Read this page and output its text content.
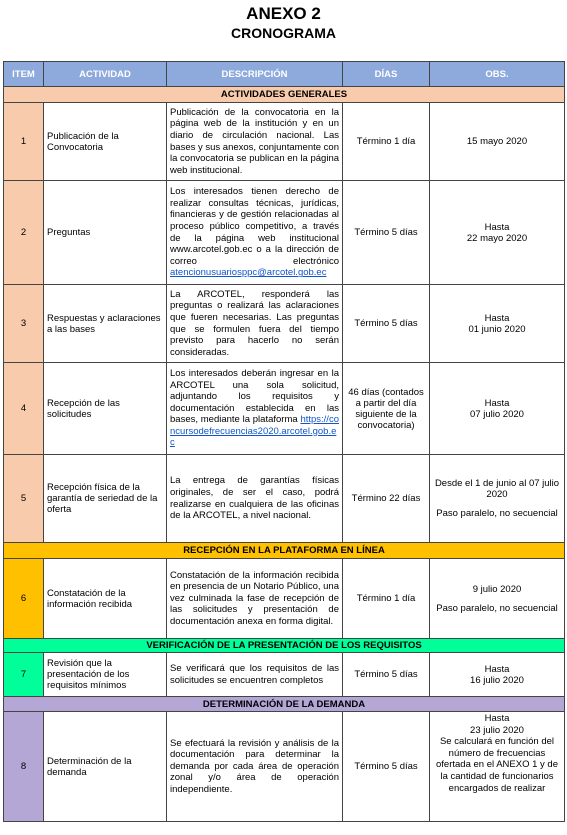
ANEXO 2
CRONOGRAMA
ITEM	ACTIVIDAD	DESCRIPCIÓN	DÍAS	OBS.
ACTIVIDADES GENERALES				
1	Publicación de la Convocatoria	Publicación de la convocatoria en la página web de la institución y en un diario de circulación nacional. Las bases y sus anexos, conjuntamente con la convocatoria se publican en la página web institucional.	Término 1 día	15 mayo 2020
2	Preguntas	Los interesados tienen derecho de realizar consultas técnicas, jurídicas, financieras y de gestión relacionadas al proceso público competitivo, a través de la página web institucional www.arcotel.gob.ec o a la dirección de correo electrónico atencionusuariosppc@arcotel.gob.ec	Término 5 días	Hasta
22 mayo 2020

3	Respuestas y aclaraciones a las bases	La ARCOTEL, responderá las preguntas o realizará las aclaraciones que fueren necesarias. Las preguntas que se formulen fuera del tiempo previsto para hacerlo no serán consideradas.	Término 5 días	Hasta
01 junio 2020

4	Recepción de las solicitudes	Los interesados deberán ingresar en la ARCOTEL una sola solicitud, adjuntando los requisitos y documentación establecida en las bases, mediante la plataforma https://concursodefrecuencias2020.arcotel.gob.ec	46 días (contados a partir del día siguiente de la convocatoria)	Hasta
07 julio 2020

5	Recepción física de la garantía de seriedad de la oferta	La entrega de garantías físicas originales, de ser el caso, podrá realizarse en cualquiera de las oficinas de la ARCOTEL, a nivel nacional.	Término 22 días	Desde el 1 de junio al 07 julio 2020
Paso paralelo, no secuencial

RECEPCIÓN EN LA PLATAFORMA EN LÍNEA				
6	Constatación de la información recibida	Constatación de la información recibida en presencia de un Notario Público, una vez culminada la fase de recepción de las solicitudes y presentación de documentación anexa en forma digital.	Término 1 día	9 julio 2020
Paso paralelo, no secuencial

VERIFICACIÓN DE LA PRESENTACIÓN DE LOS REQUISITOS				
7	Revisión que la presentación de los requisitos mínimos	Se verificará que los requisitos de las solicitudes se encuentren completos	Término 5 días	Hasta
16 julio 2020

DETERMINACIÓN DE LA DEMANDA				
8	Determinación de la demanda	Se efectuará la revisión y análisis de la documentación para determinar la demanda por cada área de operación zonal y/o área de operación independiente.	Término 5 días	Hasta
23 julio 2020
Se calculará en función del número de frecuencias ofertada en el ANEXO 1 y de la cantidad de funcionarios encargados de realizar
